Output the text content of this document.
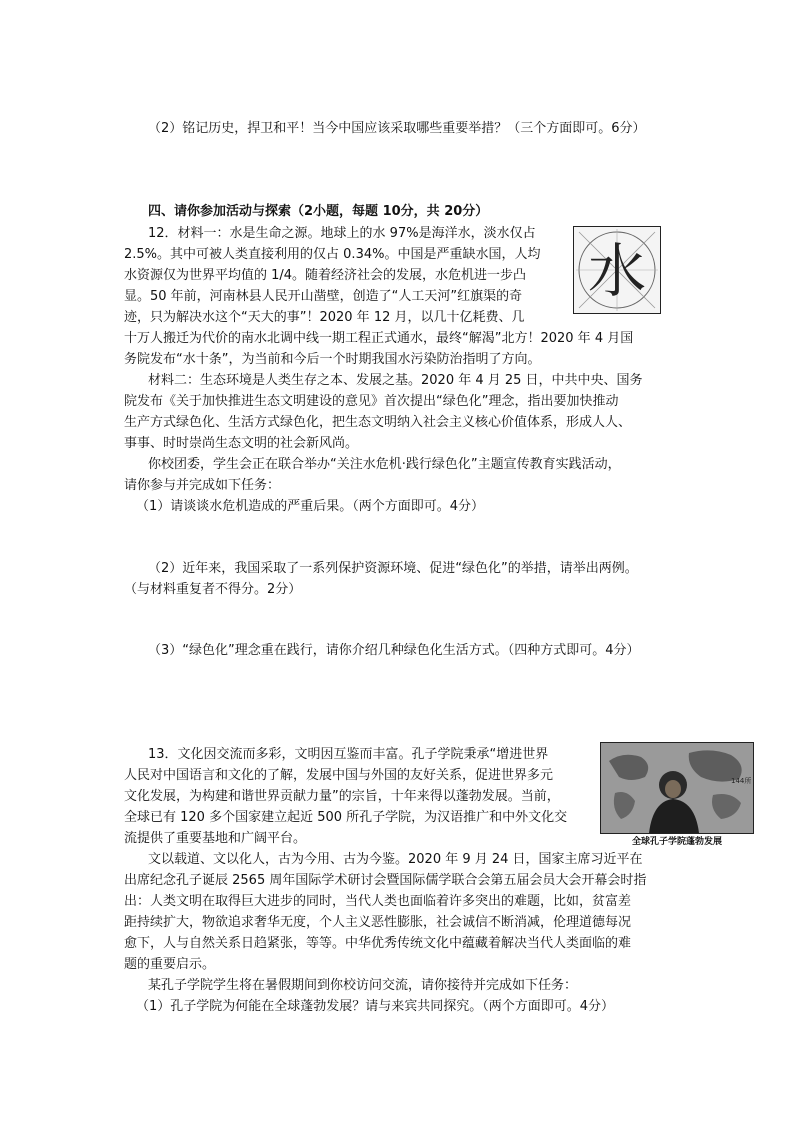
（2）铭记历史，捍卫和平！当今中国应该采取哪些重要举措？（三个方面即可。6分）
四、请你参加活动与探索（2小题，每题 10分，共 20分）
12．材料一：水是生命之源。地球上的水 97%是海洋水，淡水仅占
2.5%。其中可被人类直接利用的仅占 0.34%。中国是严重缺水国，人均
水资源仅为世界平均值的 1/4。随着经济社会的发展，水危机进一步凸
显。50 年前，河南林县人民开山凿壁，创造了“人工天河”红旗渠的奇
迹，只为解决水这个“天大的事”！2020 年 12 月，以几十亿耗费、几
十万人搬迁为代价的南水北调中线一期工程正式通水，最终“解渴”北方！2020 年 4 月国
务院发布“水十条”，为当前和今后一个时期我国水污染防治指明了方向。
水
材料二：生态环境是人类生存之本、发展之基。2020 年 4 月 25 日，中共中央、国务
院发布《关于加快推进生态文明建设的意见》首次提出“绿色化”理念，指出要加快推动
生产方式绿色化、生活方式绿色化，把生态文明纳入社会主义核心价值体系，形成人人、
事事、时时崇尚生态文明的社会新风尚。
你校团委，学生会正在联合举办“关注水危机·践行绿色化”主题宣传教育实践活动，
请你参与并完成如下任务：
（1）请谈谈水危机造成的严重后果。（两个方面即可。4分）
（2）近年来，我国采取了一系列保护资源环境、促进“绿色化”的举措，请举出两例。
（与材料重复者不得分。2分）
（3）“绿色化”理念重在践行，请你介绍几种绿色化生活方式。（四种方式即可。4分）
13．文化因交流而多彩，文明因互鉴而丰富。孔子学院秉承“增进世界
人民对中国语言和文化的了解，发展中国与外国的友好关系，促进世界多元
文化发展，为构建和谐世界贡献力量”的宗旨，十年来得以蓬勃发展。当前，
全球已有 120 多个国家建立起近 500 所孔子学院，为汉语推广和中外文化交
流提供了重要基地和广阔平台。
144所
全球孔子学院蓬勃发展
文以载道、文以化人，古为今用、古为今鉴。2020 年 9 月 24 日，国家主席习近平在
出席纪念孔子诞辰 2565 周年国际学术研讨会暨国际儒学联合会第五届会员大会开幕会时指
出：人类文明在取得巨大进步的同时，当代人类也面临着许多突出的难题，比如，贫富差
距持续扩大，物欲追求奢华无度，个人主义恶性膨胀，社会诚信不断消减，伦理道德每况
愈下，人与自然关系日趋紧张，等等。中华优秀传统文化中蕴藏着解决当代人类面临的难
题的重要启示。
某孔子学院学生将在暑假期间到你校访问交流，请你接待并完成如下任务：
（1）孔子学院为何能在全球蓬勃发展？请与来宾共同探究。（两个方面即可。4分）
